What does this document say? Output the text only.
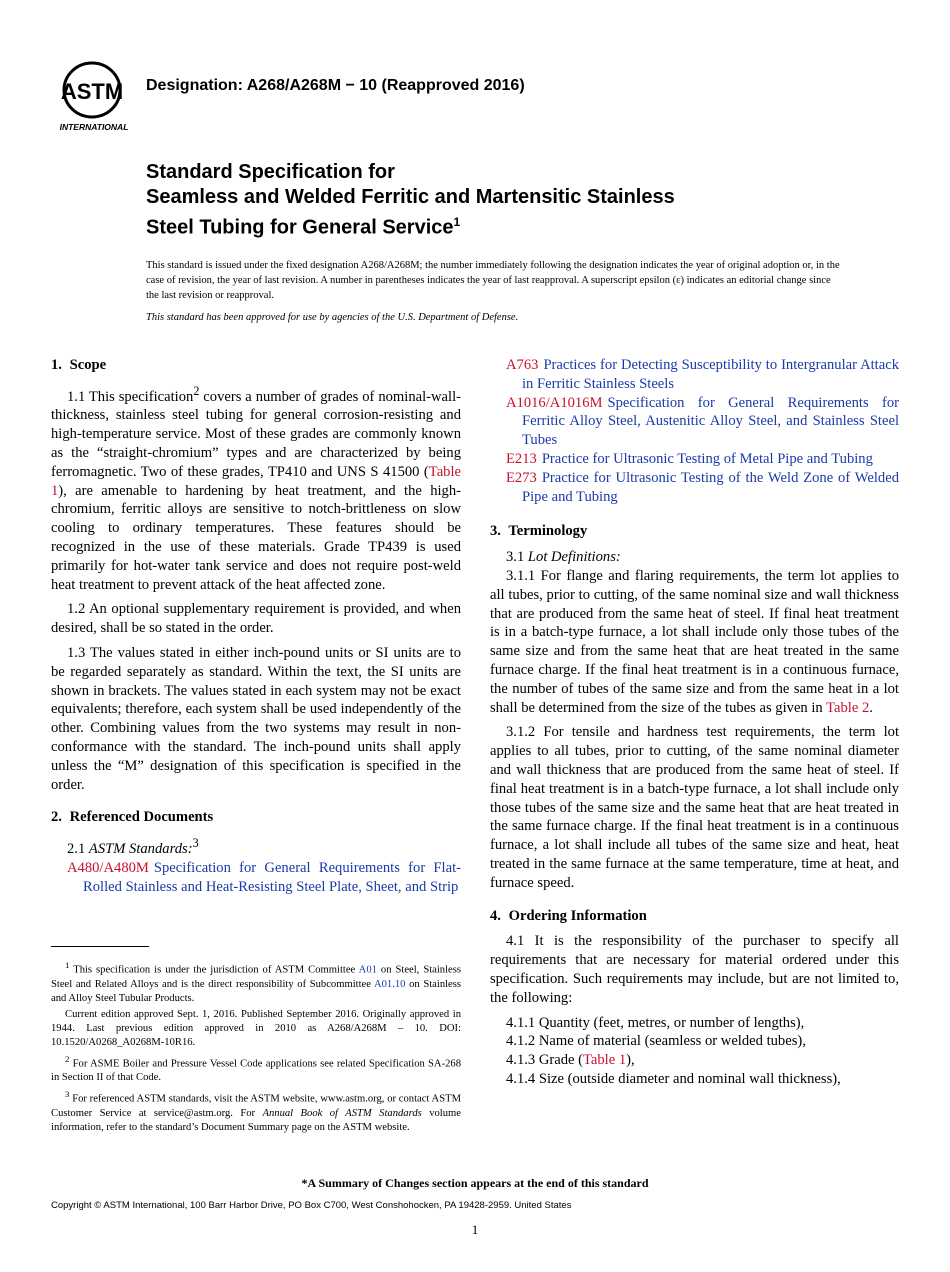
ASTM
INTERNATIONAL
Designation: A268/A268M − 10 (Reapproved 2016)
Standard Specification for
Seamless and Welded Ferritic and Martensitic Stainless
Steel Tubing for General Service$^1$
This standard is issued under the fixed designation A268/A268M; the number immediately following the designation indicates the year of original adoption or, in the case of revision, the year of last revision. A number in parentheses indicates the year of last reapproval. A superscript epsilon (ε) indicates an editorial change since the last revision or reapproval.
This standard has been approved for use by agencies of the U.S. Department of Defense.
1. Scope

1.1 This specification$^2$ covers a number of grades of nominal-wall-thickness, stainless steel tubing for general corrosion-resisting and high-temperature service. Most of these grades are commonly known as the “straight-chromium” types and are characterized by being ferromagnetic. Two of these grades, TP410 and UNS S 41500 (Table 1), are amenable to hardening by heat treatment, and the high-chromium, ferritic alloys are sensitive to notch-brittleness on slow cooling to ordinary temperatures. These features should be recognized in the use of these materials. Grade TP439 is used primarily for hot-water tank service and does not require post-weld heat treatment to prevent attack of the heat affected zone.

1.2 An optional supplementary requirement is provided, and when desired, shall be so stated in the order.

1.3 The values stated in either inch-pound units or SI units are to be regarded separately as standard. Within the text, the SI units are shown in brackets. The values stated in each system may not be exact equivalents; therefore, each system shall be used independently of the other. Combining values from the two systems may result in non-conformance with the standard. The inch-pound units shall apply unless the “M” designation of this specification is specified in the order.

2. Referenced Documents
2.1 ASTM Standards:$^3$

A480/A480M Specification for General Requirements for Flat-Rolled Stainless and Heat-Resisting Steel Plate, Sheet, and Strip

$^1$ This specification is under the jurisdiction of ASTM Committee A01 on Steel, Stainless Steel and Related Alloys and is the direct responsibility of Subcommittee A01.10 on Stainless and Alloy Steel Tubular Products.

Current edition approved Sept. 1, 2016. Published September 2016. Originally approved in 1944. Last previous edition approved in 2010 as A268/A268M – 10. DOI: 10.1520/A0268_A0268M-10R16.

$^2$ For ASME Boiler and Pressure Vessel Code applications see related Specification SA-268 in Section II of that Code.

$^3$ For referenced ASTM standards, visit the ASTM website, www.astm.org, or contact ASTM Customer Service at service@astm.org. For Annual Book of ASTM Standards volume information, refer to the standard’s Document Summary page on the ASTM website.

A763 Practices for Detecting Susceptibility to Intergranular Attack in Ferritic Stainless Steels

A1016/A1016M Specification for General Requirements for Ferritic Alloy Steel, Austenitic Alloy Steel, and Stainless Steel Tubes

E213 Practice for Ultrasonic Testing of Metal Pipe and Tubing

E273 Practice for Ultrasonic Testing of the Weld Zone of Welded Pipe and Tubing

3. Terminology
3.1 Lot Definitions:

3.1.1 For flange and flaring requirements, the term lot applies to all tubes, prior to cutting, of the same nominal size and wall thickness that are produced from the same heat of steel. If final heat treatment is in a batch-type furnace, a lot shall include only those tubes of the same size and from the same heat that are heat treated in the same furnace charge. If the final heat treatment is in a continuous furnace, the number of tubes of the same size and from the same heat in a lot shall be determined from the size of the tubes as given in Table 2.

3.1.2 For tensile and hardness test requirements, the term lot applies to all tubes, prior to cutting, of the same nominal diameter and wall thickness that are produced from the same heat of steel. If final heat treatment is in a batch-type furnace, a lot shall include only those tubes of the same size and the same heat that are heat treated in the same furnace charge. If the final heat treatment is in a continuous furnace, a lot shall include all tubes of the same size and heat, heat treated in the same furnace at the same temperature, time at heat, and furnace speed.

4. Ordering Information

4.1 It is the responsibility of the purchaser to specify all requirements that are necessary for material ordered under this specification. Such requirements may include, but are not limited to, the following:

4.1.1 Quantity (feet, metres, or number of lengths),
4.1.2 Name of material (seamless or welded tubes),
4.1.3 Grade (Table 1),
4.1.4 Size (outside diameter and nominal wall thickness),
*A Summary of Changes section appears at the end of this standard
Copyright © ASTM International, 100 Barr Harbor Drive, PO Box C700, West Conshohocken, PA 19428-2959. United States
1
